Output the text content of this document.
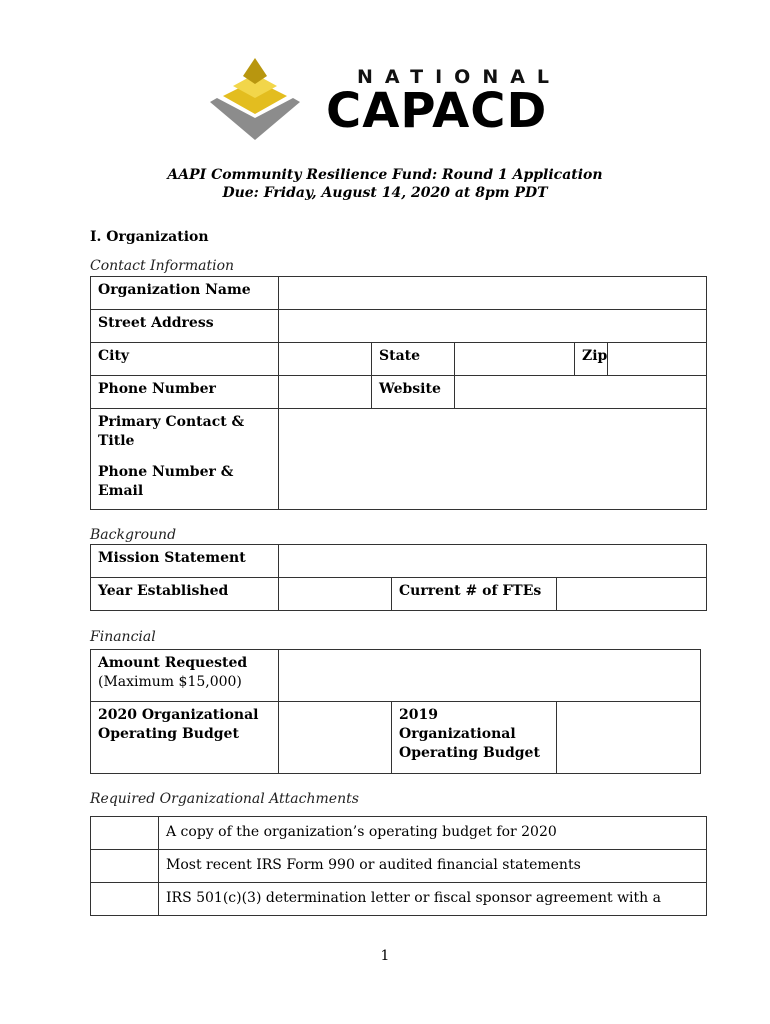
NATIONAL
CAPACD
AAPI Community Resilience Fund: Round 1 Application
Due: Friday, August 14, 2020 at 8pm PDT
I. Organization
Contact Information
Organization Name					
Street Address					
City		State		Zip	
Phone Number		Website			
Primary Contact & Title
Phone Number & Email					
Background
Mission Statement			
Year Established		Current # of FTEs	
Financial
Amount Requested
(Maximum $15,000)			

2020 Organizational Operating Budget		2019 Organizational Operating Budget	
Required Organizational Attachments
	A copy of the organization’s operating budget for 2020
	Most recent IRS Form 990 or audited financial statements
	IRS 501(c)(3) determination letter or fiscal sponsor agreement with a
1
